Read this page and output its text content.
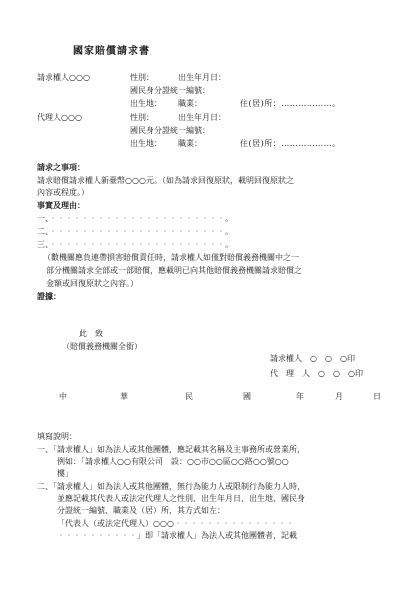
國家賠償請求書
請求權人○○○	性別：	出生年月日：
國民身分證統一編號：
出生地： 職業：	住(居)所：………………。
代理人○○○	性別：	出生年月日：
國民身分證統一編號：
出生地： 職業：	住(居)所：………………。
請求之事項：
請求賠償請求權人新臺幣○○○元。（如為請求回復原狀，載明回復原狀之
內容或程度。）
事實及理由：
一、‧‧‧‧‧‧‧‧‧‧‧‧‧‧‧‧‧‧‧‧‧‧。
二、‧‧‧‧‧‧‧‧‧‧‧‧‧‧‧‧‧‧‧‧‧‧。
三、‧‧‧‧‧‧‧‧‧‧‧‧‧‧‧‧‧‧‧‧‧‧。
（數機關應負連帶損害賠償責任時，請求權人如僅對賠償義務機關中之一
部分機關請求全部或一部賠償，應載明已向其他賠償義務機關請求賠償之
金額或回復原狀之內容。）
證據：
此　致
（賠償義務機關全銜）
請求權人　○　○　○印
代　理　人　○　○　○印
中	華	民	國	年	月	日
填寫說明：
一、「請求權人」如為法人或其他團體，應記載其名稱及主事務所或營業所，
例如：「請求權人○○有限公司　設：○○市○○區○○路○○號○○
樓」
二、「請求權人」如為法人或其他團體，無行為能力人或限制行為能力人時，
並應記載其代表人或法定代理人之性別、出生年月日、出生地、國民身
分證統一編號、職業及（居）所，其方式如左：
「代表人（或法定代理人）○○○‧‧‧‧‧‧‧‧‧‧‧‧‧‧‧
‧‧‧‧‧‧‧‧‧‧」即「請求權人」為法人或其他團體者，記載
